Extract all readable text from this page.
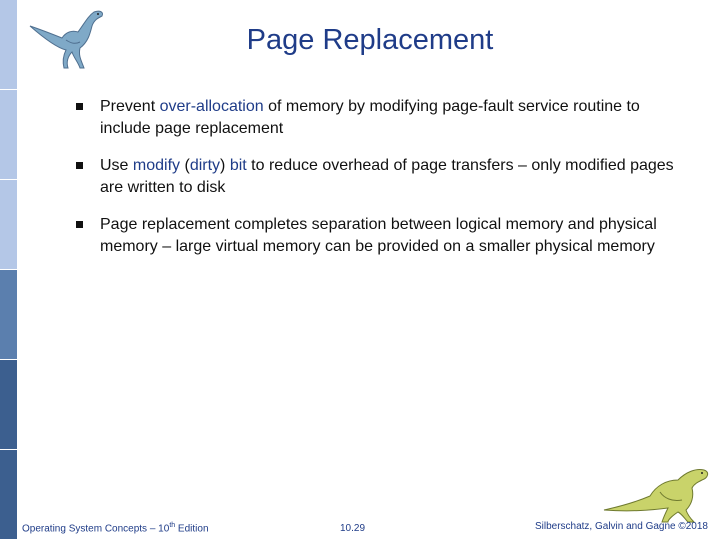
Page Replacement
Prevent over-allocation of memory by modifying page-fault service routine to include page replacement
Use modify (dirty) bit to reduce overhead of page transfers – only modified pages are written to disk
Page replacement completes separation between logical memory and physical memory – large virtual memory can be provided on a smaller physical memory
Operating System Concepts – 10th Edition	10.29	Silberschatz, Galvin and Gagne ©2018
